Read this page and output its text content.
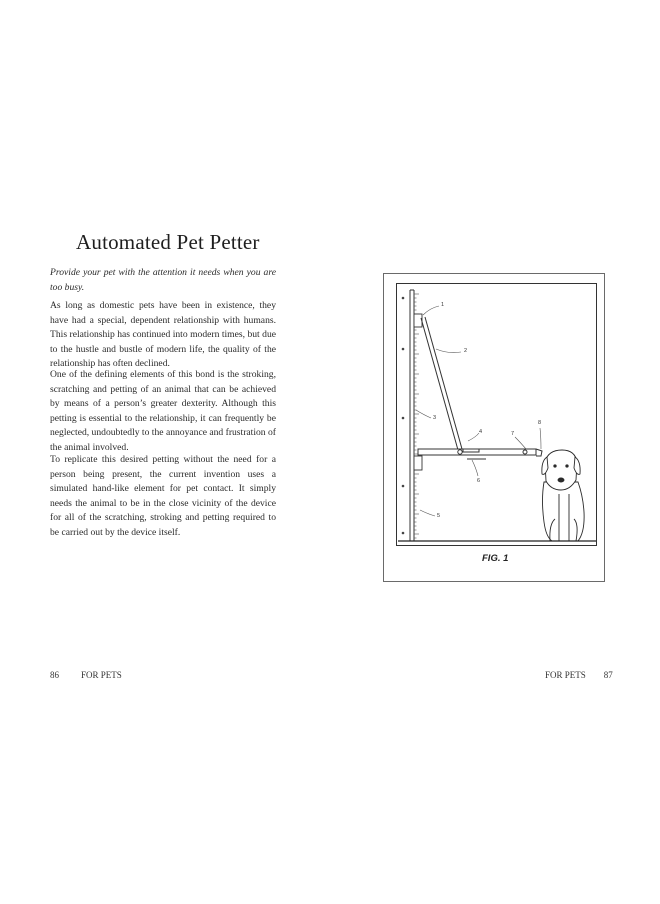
Automated Pet Petter
Provide your pet with the attention it needs when you are too busy.
As long as domestic pets have been in existence, they have had a special, dependent relationship with humans. This relationship has continued into modern times, but due to the hustle and bustle of modern life, the quality of the relationship has often declined.
One of the defining elements of this bond is the stroking, scratching and petting of an animal that can be achieved by means of a person’s greater dexterity. Although this petting is essential to the relationship, it can frequently be neglected, undoubtedly to the annoyance and frustration of the animal involved.
To replicate this desired petting without the need for a person being present, the current invention uses a simulated hand-like element for pet contact. It simply needs the animal to be in the close vicinity of the device for all of the scratching, stroking and petting required to be carried out by the device itself.
1
2
3
4
5
6
7
8
FIG. 1
86 FOR PETS	FOR PETS 87
